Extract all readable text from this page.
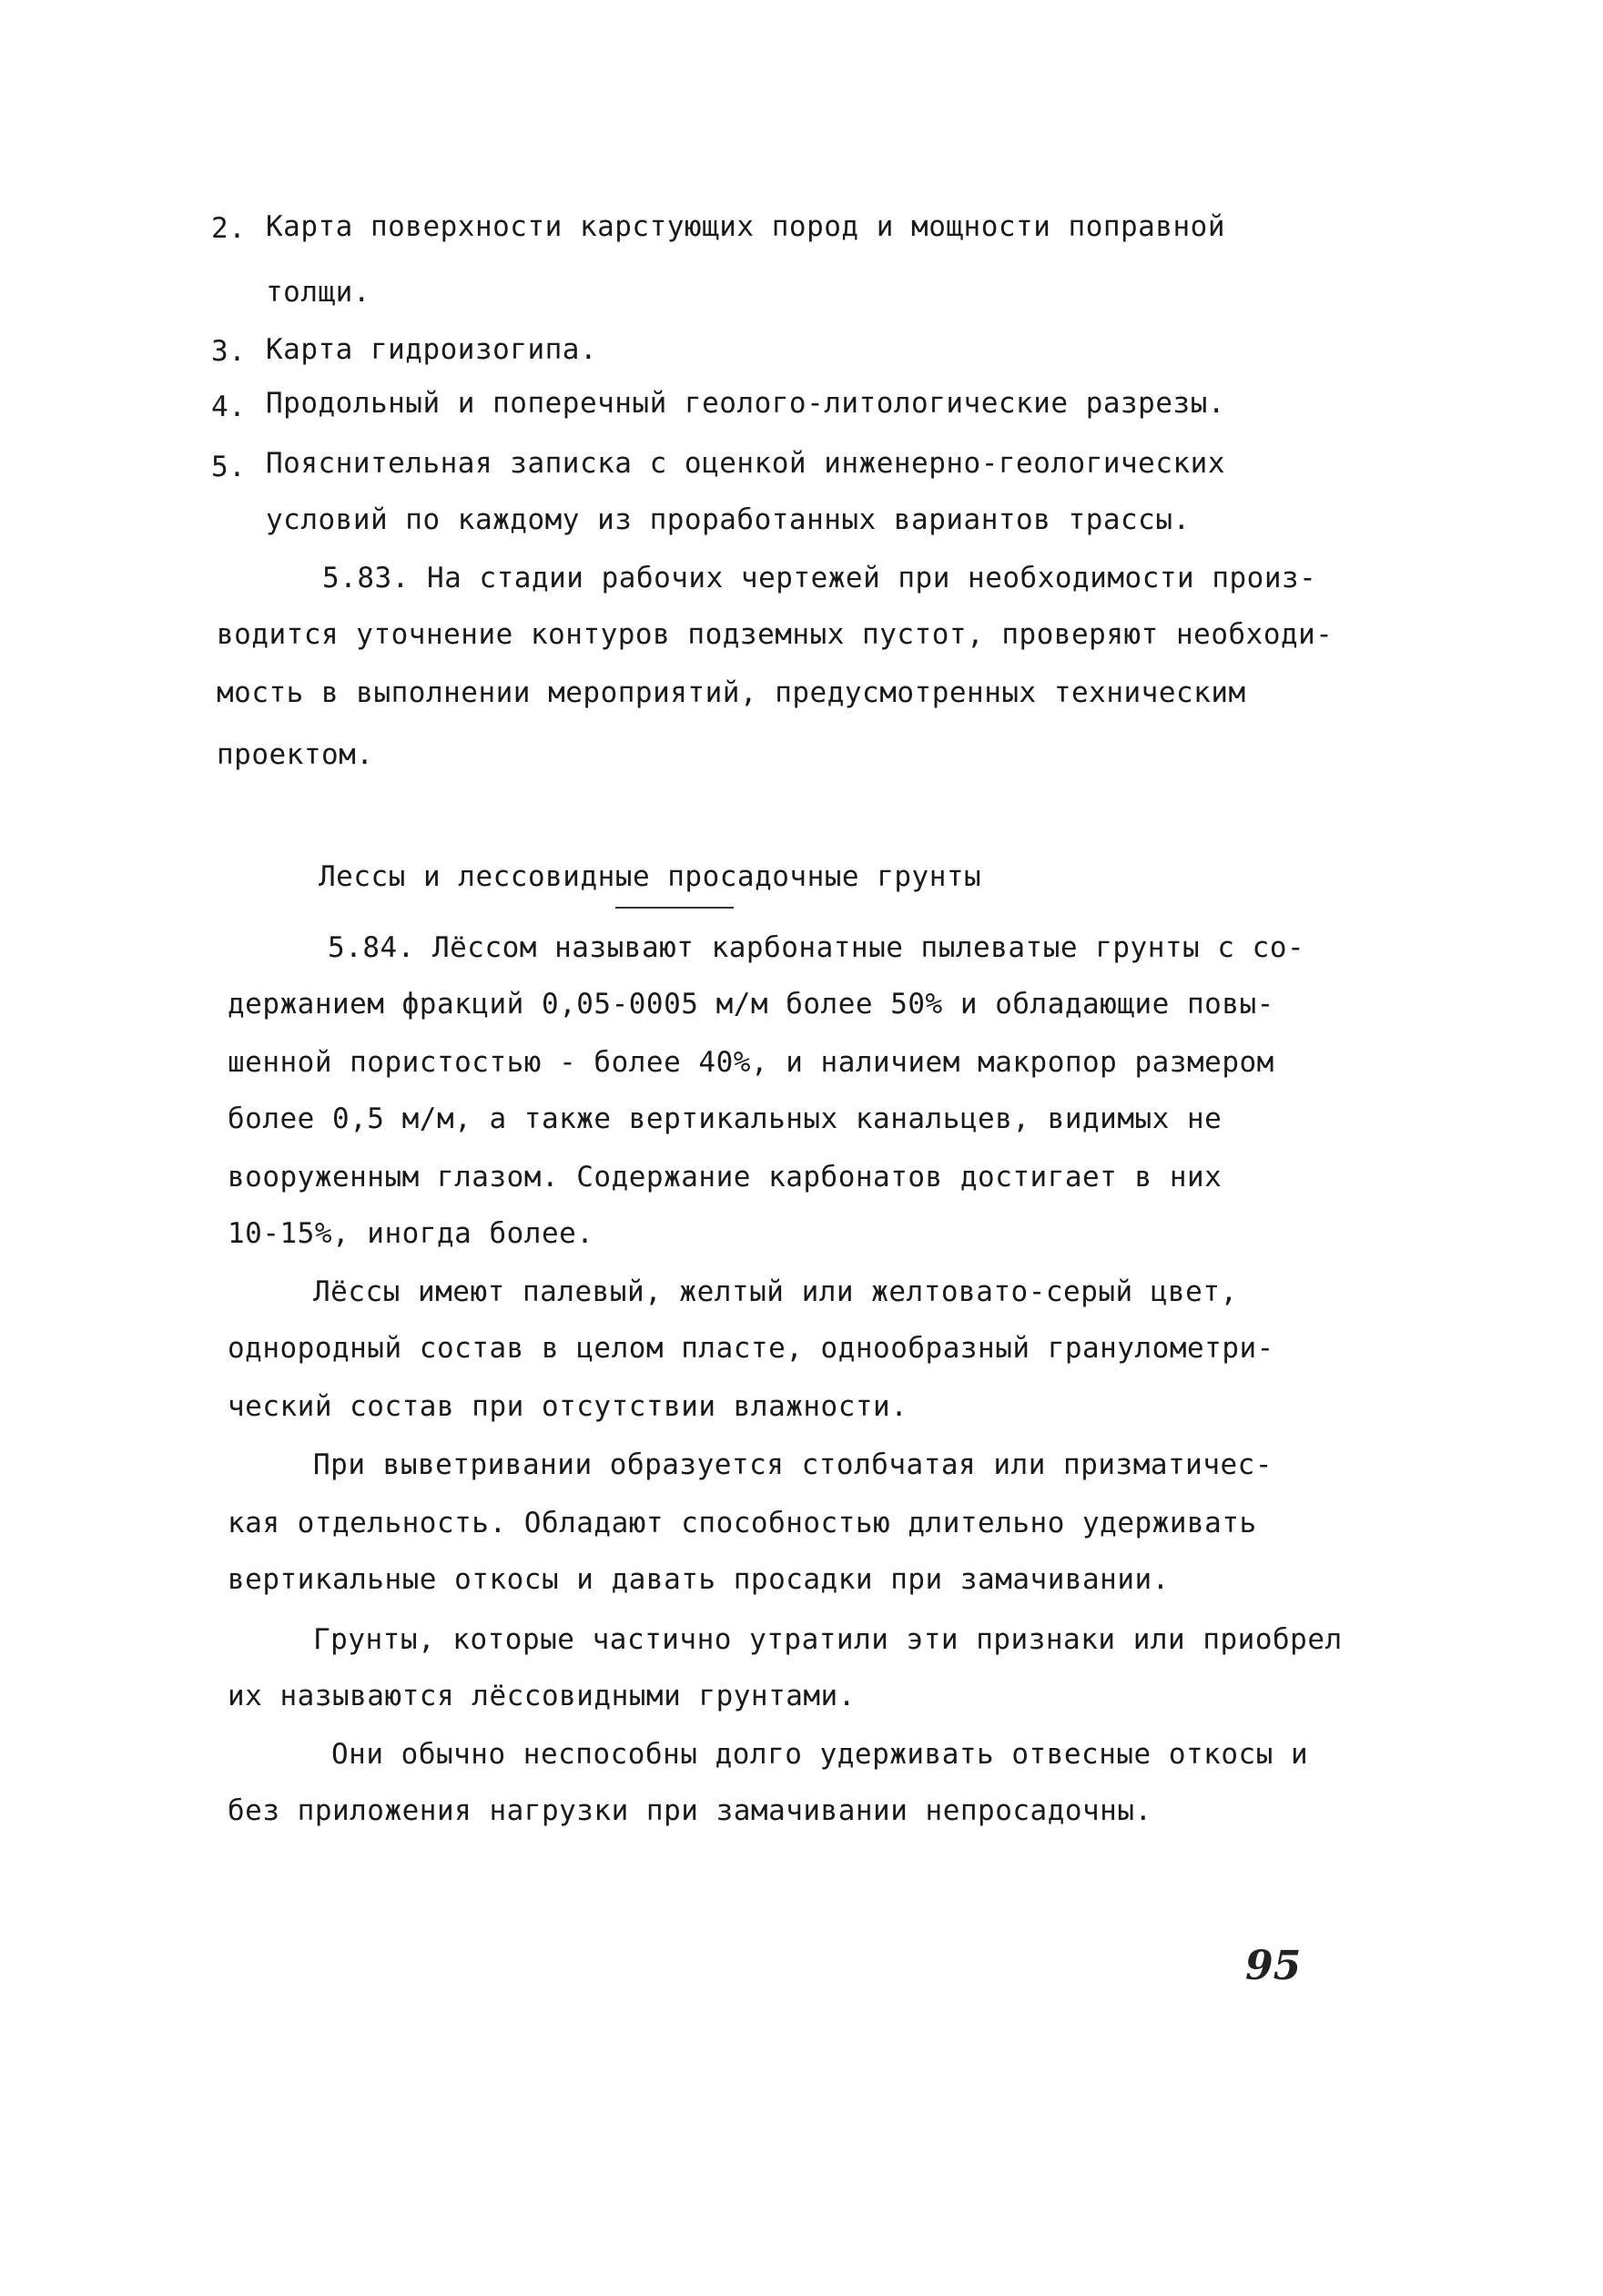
2. Карта поверхности карстующих пород и мощности поправной
толщи.
3. Карта гидроизогипа.
4. Продольный и поперечный геолого-литологические разрезы.
5. Пояснительная записка с оценкой инженерно-геологических
условий по каждому из проработанных вариантов трассы.
5.83. На стадии рабочих чертежей при необходимости произ-
водится уточнение контуров подземных пустот, проверяют необходи-
мость в выполнении мероприятий, предусмотренных техническим
проектом.
Лессы и лессовидные просадочные грунты
5.84. Лёссом называют карбонатные пылеватые грунты с со-
держанием фракций 0,05-0005 м/м более 50% и обладающие повы-
шенной пористостью - более 40%, и наличием макропор размером
более 0,5 м/м, а также вертикальных канальцев, видимых не
вооруженным глазом. Содержание карбонатов достигает в них
10-15%, иногда более.
Лёссы имеют палевый, желтый или желтовато-серый цвет,
однородный состав в целом пласте, однообразный гранулометри-
ческий состав при отсутствии влажности.
При выветривании образуется столбчатая или призматичес-
кая отдельность. Обладают способностью длительно удерживать
вертикальные откосы и давать просадки при замачивании.
Грунты, которые частично утратили эти признаки или приобрел
их называются лёссовидными грунтами.
Они обычно неспособны долго удерживать отвесные откосы и
без приложения нагрузки при замачивании непросадочны.
95
